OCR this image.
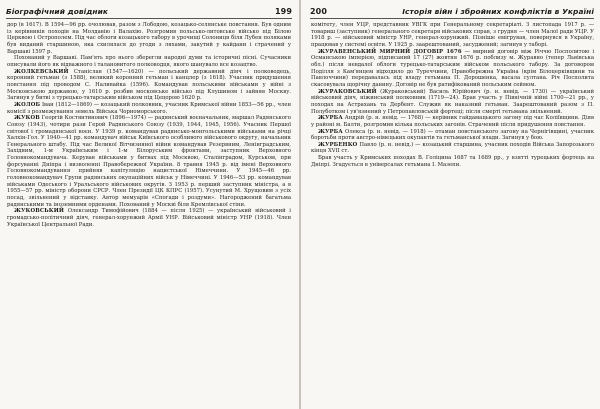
Біографічний довідник	199

дор (в 1617). В 1594—96 рр. очолював, разом з Лободою, козацько-селянське повстання. Був одним із керівників походів на Молдавію і Валахію. Розгромив польсько-литовське військо під Білою Церквою і Острополем. Під час облоги козацького табору в урочищі Солониця біля Лубен поляками був виданий старшиною, яка схилялася до угоди з ляхами, закутий у кайдани і страчений у Варшаві 1597 р.

Похований у Варшаві. Пам'ять про нього зберегли народні думи та історичні пісні. Сучасники описували його як відважного і талановитого полководця, якого шанувало все козацтво.

ЖОЛКЕВСЬКИЙ Станіслав (1547—1620) — польський державний діяч і полководець, коронний гетьман (з 1588), великий коронний гетьман і канцлер (з 1618). Учасник придушення повстання під проводом С. Наливайка (1596). Командував польськими військами у війні з Московською державою, у 1610 р. розбив московське військо під Клушином і зайняв Москву. Загинув у битві з турецько-татарським військом під Цецорою 1620 р.

ЖОЛОБ Іван (1812—1869) — козацький полковник, учасник Кримської війни 1853—56 рр., член комісії з розмежування земель Війська Чорноморського.

ЖУКОВ Георгій Костянтинович (1896—1974) — радянський воєначальник, маршал Радянського Союзу (1943), чотири рази Герой Радянського Союзу (1939, 1944, 1945, 1956). Учасник Першої світової і громадянської воєн. У 1939 р. командував радянсько-монгольськими військами на річці Халхін-Гол. У 1940—41 рр. командувач військ Київського особливого військового округу, начальник Генерального штабу. Під час Великої Вітчизняної війни командував Резервним, Ленінградським, Західним, 1-м Українським і 1-м Білоруським фронтами, заступник Верховного Головнокомандувача. Керував військами у битвах під Москвою, Сталінградом, Курськом, при форсуванні Дніпра і визволенні Правобережної України. 8 травня 1945 р. від імені Верховного Головнокомандування прийняв капітуляцію нацистської Німеччини. У 1945—46 рр. головнокомандувач Групи радянських окупаційних військ у Німеччині. У 1946—53 рр. командував військами Одеського і Уральського військових округів. З 1953 р. перший заступник міністра, а в 1955—57 рр. міністр оборони СРСР. Член Президії ЦК КПРС (1957). Усунутий М. Хрущовим з усіх посад, звільнений у відставку. Автор мемуарів «Спогади і роздуми». Нагороджений багатьма радянськими та іноземними орденами. Похований у Москві біля Кремлівської стіни.

ЖУКОВСЬКИЙ Олександр Тимофійович (1884 — після 1925) — український військовий і громадсько-політичний діяч, генерал-хорунжий Армії УНР. Військовий міністр УНР (1918). Член Української Центральної Ради.

200	Історія війн і збройних конфліктів в Україні

комітету, член УЦР, представник УВГК при Генеральному секретаріаті. З листопада 1917 р. — товариш (заступник) генерального секретаря військових справ, з грудня — член Малої ради УЦР. У 1918 р. — військовий міністр УНР, генерал-хорунжий. Пізніше емігрував, повернувся в Україну, працював у системі освіти. У 1925 р. заарештований, засуджений; загинув у таборі.

ЖУРАВЕНСЬКИЙ МИРНИЙ ДОГОВІР 1676 — мирний договір між Річчю Посполитою і Османською імперією, підписаний 17 (27) жовтня 1676 р. поблизу м. Журавно (тепер Львівська обл.) після невдалої облоги турецько-татарським військом польського табору. За договором Поділля з Кам'янцем відходило до Туреччини, Правобережна Україна (крім Білоцерківщини та Павлоччини) передавалась під владу гетьмана П. Дорошенка, васала султана. Річ Посполита скасовувала щорічну данину. Договір не був ратифікований польським сеймом.

ЖУРАКОВСЬКИЙ (Жураковський) Василь Юрійович (р. н. невід. — 1730) — український військовий діяч, ніжинський полковник (1719—24). Брав участь у Північній війні 1700—21 рр., у походах на Астрахань та Дербент. Служив як наказний гетьман. Заарештований разом з П. Полуботком і ув'язнений у Петропавловській фортеці; після смерті гетьмана звільнений.

ЖУРБА Андрій (р. н. невід. — 1768) — керівник гайдамацького загону під час Коліївщини. Діяв у районі м. Балти, розгромив кілька польських загонів. Страчений після придушення повстання.

ЖУРБА Олекса (р. н. невід. — 1918) — отаман повстанського загону на Чернігівщині, учасник боротьби проти австро-німецьких окупантів та гетьманської влади. Загинув у бою.

ЖУРБЕНКО Павло (р. н. невід.) — козацький старшина, учасник походів Війська Запорозького кінця XVII ст.

Брав участь у Кримських походах В. Голіцина 1687 та 1689 рр., у взятті турецьких фортець на Дніпрі. Згадується в універсалах гетьмана І. Мазепи.
